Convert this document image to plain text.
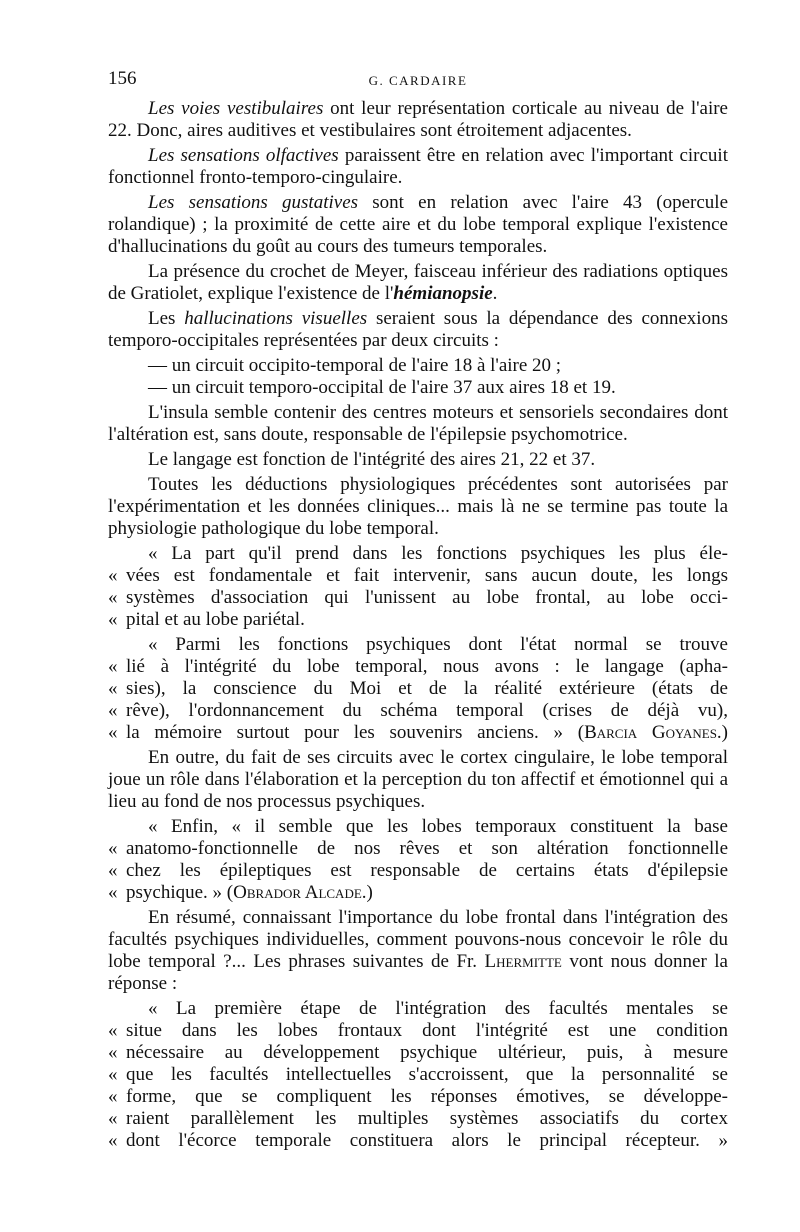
156	G. CARDAIRE

Les voies vestibulaires ont leur représentation corticale au niveau de l'aire 22. Donc, aires auditives et vestibulaires sont étroitement adjacentes.

Les sensations olfactives paraissent être en relation avec l'important circuit fonctionnel fronto-temporo-cingulaire.

Les sensations gustatives sont en relation avec l'aire 43 (opercule rolandique) ; la proximité de cette aire et du lobe temporal explique l'existence d'hallucinations du goût au cours des tumeurs temporales.

La présence du crochet de Meyer, faisceau inférieur des radiations optiques de Gratiolet, explique l'existence de l'hémianopsie.

Les hallucinations visuelles seraient sous la dépendance des connexions temporo-occipitales représentées par deux circuits :

— un circuit occipito-temporal de l'aire 18 à l'aire 20 ;

— un circuit temporo-occipital de l'aire 37 aux aires 18 et 19.

L'insula semble contenir des centres moteurs et sensoriels secondaires dont l'altération est, sans doute, responsable de l'épilepsie psychomotrice.

Le langage est fonction de l'intégrité des aires 21, 22 et 37.

Toutes les déductions physiologiques précédentes sont autorisées par l'expérimentation et les données cliniques... mais là ne se termine pas toute la physiologie pathologique du lobe temporal.

« La part qu'il prend dans les fonctions psychiques les plus éle-
« vées est fondamentale et fait intervenir, sans aucun doute, les longs
« systèmes d'association qui l'unissent au lobe frontal, au lobe occi-
« pital et au lobe pariétal.
« Parmi les fonctions psychiques dont l'état normal se trouve
« lié à l'intégrité du lobe temporal, nous avons : le langage (apha-
« sies), la conscience du Moi et de la réalité extérieure (états de
« rêve), l'ordonnancement du schéma temporal (crises de déjà vu),
« la mémoire surtout pour les souvenirs anciens. » (Barcia Goyanes.)

En outre, du fait de ses circuits avec le cortex cingulaire, le lobe temporal joue un rôle dans l'élaboration et la perception du ton affectif et émotionnel qui a lieu au fond de nos processus psychiques.

« Enfin, « il semble que les lobes temporaux constituent la base
« anatomo-fonctionnelle de nos rêves et son altération fonctionnelle
« chez les épileptiques est responsable de certains états d'épilepsie
« psychique. » (Obrador Alcade.)

En résumé, connaissant l'importance du lobe frontal dans l'intégration des facultés psychiques individuelles, comment pouvons-nous concevoir le rôle du lobe temporal ?... Les phrases suivantes de Fr. Lhermitte vont nous donner la réponse :

« La première étape de l'intégration des facultés mentales se
« situe dans les lobes frontaux dont l'intégrité est une condition
« nécessaire au développement psychique ultérieur, puis, à mesure
« que les facultés intellectuelles s'accroissent, que la personnalité se
« forme, que se compliquent les réponses émotives, se développe-
« raient parallèlement les multiples systèmes associatifs du cortex
« dont l'écorce temporale constituera alors le principal récepteur. »
